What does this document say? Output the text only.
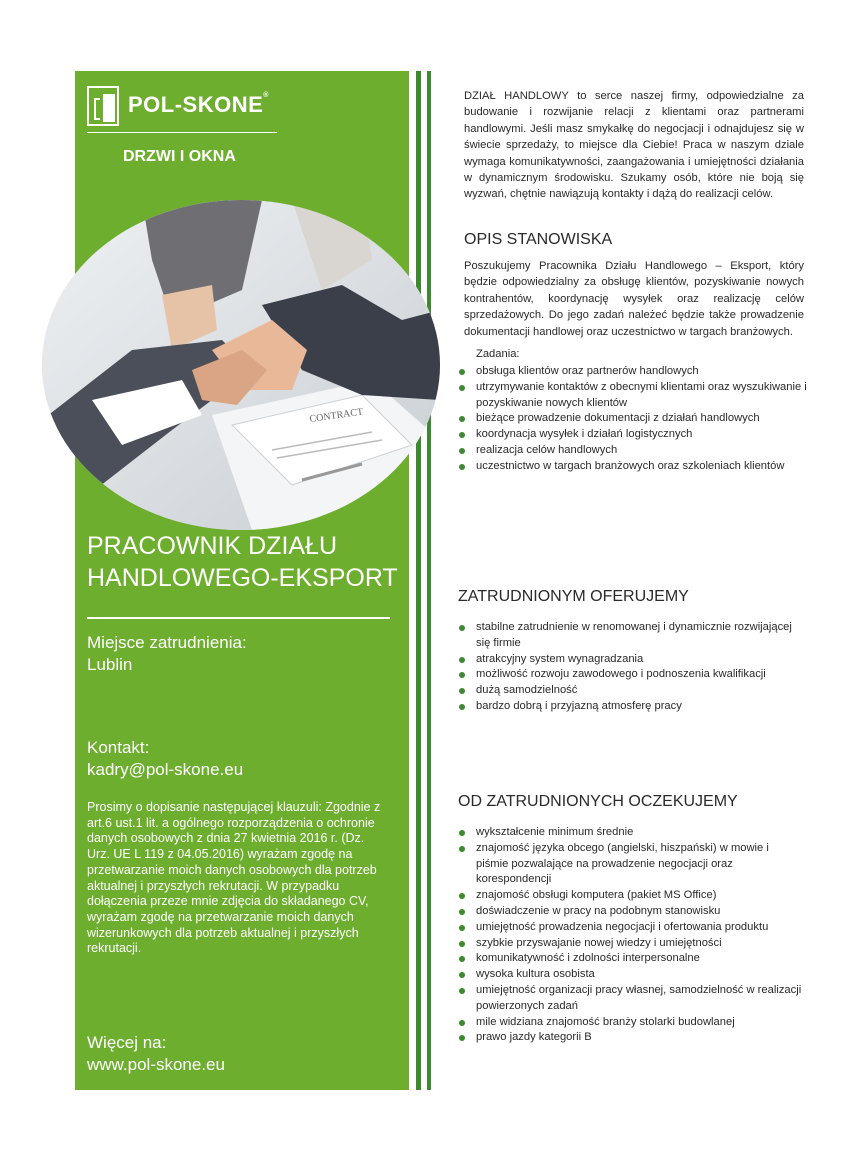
POL-SKONE®
DRZWI I OKNA
CONTRACT
PRACOWNIK DZIAŁU
HANDLOWEGO-EKSPORT
Miejsce zatrudnienia:
Lublin
Kontakt:
kadry@pol-skone.eu
Prosimy o dopisanie następującej klauzuli: Zgodnie z art.6 ust.1 lit. a ogólnego rozporządzenia o ochronie danych osobowych z dnia 27 kwietnia 2016 r. (Dz. Urz. UE L 119 z 04.05.2016) wyrażam zgodę na przetwarzanie moich danych osobowych dla potrzeb aktualnej i przyszłych rekrutacji. W przypadku dołączenia przeze mnie zdjęcia do składanego CV, wyrażam zgodę na przetwarzanie moich danych wizerunkowych dla potrzeb aktualnej i przyszłych rekrutacji.
Więcej na:
www.pol-skone.eu
DZIAŁ HANDLOWY to serce naszej firmy, odpowiedzialne za budowanie i rozwijanie relacji z klientami oraz partnerami handlowymi. Jeśli masz smykałkę do negocjacji i odnajdujesz się w świecie sprzedaży, to miejsce dla Ciebie! Praca w naszym dziale wymaga komunikatywności, zaangażowania i umiejętności działania w dynamicznym środowisku. Szukamy osób, które nie boją się wyzwań, chętnie nawiązują kontakty i dążą do realizacji celów.
OPIS STANOWISKA
Poszukujemy Pracownika Działu Handlowego – Eksport, który będzie odpowiedzialny za obsługę klientów, pozyskiwanie nowych kontrahentów, koordynację wysyłek oraz realizację celów sprzedażowych. Do jego zadań należeć będzie także prowadzenie dokumentacji handlowej oraz uczestnictwo w targach branżowych.
Zadania:
obsługa klientów oraz partnerów handlowych
utrzymywanie kontaktów z obecnymi klientami oraz wyszukiwanie i pozyskiwanie nowych klientów
bieżące prowadzenie dokumentacji z działań handlowych
koordynacja wysyłek i działań logistycznych
realizacja celów handlowych
uczestnictwo w targach branżowych oraz szkoleniach klientów
ZATRUDNIONYM OFERUJEMY
stabilne zatrudnienie w renomowanej i dynamicznie rozwijającej się firmie
atrakcyjny system wynagradzania
możliwość rozwoju zawodowego i podnoszenia kwalifikacji
dużą samodzielność
bardzo dobrą i przyjazną atmosferę pracy
OD ZATRUDNIONYCH OCZEKUJEMY
wykształcenie minimum średnie
znajomość języka obcego (angielski, hiszpański) w mowie i piśmie pozwalające na prowadzenie negocjacji oraz korespondencji
znajomość obsługi komputera (pakiet MS Office)
doświadczenie w pracy na podobnym stanowisku
umiejętność prowadzenia negocjacji i ofertowania produktu
szybkie przyswajanie nowej wiedzy i umiejętności
komunikatywność i zdolności interpersonalne
wysoka kultura osobista
umiejętność organizacji pracy własnej, samodzielność w realizacji powierzonych zadań
mile widziana znajomość branży stolarki budowlanej
prawo jazdy kategorii B
